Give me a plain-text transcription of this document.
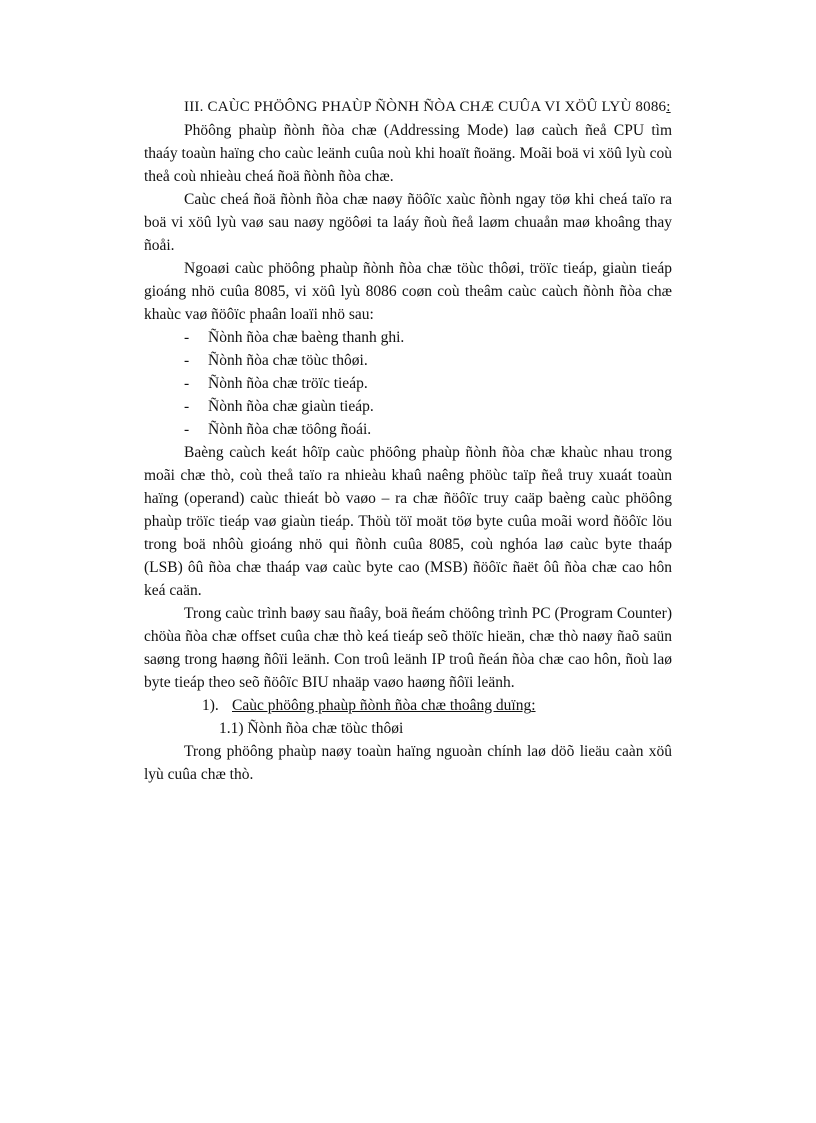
III. CAÙC PHÖÔNG PHAÙP ÑÒNH ÑÒA CHÆ CUÛA VI XÖÛ LYÙ 8086:

Phöông phaùp ñònh ñòa chæ (Addressing Mode) laø caùch ñeå CPU tìm thaáy toaùn haïng cho caùc leänh cuûa noù khi hoaït ñoäng. Moãi boä vi xöû lyù coù theå coù nhieàu cheá ñoä ñònh ñòa chæ.

Caùc cheá ñoä ñònh ñòa chæ naøy ñöôïc xaùc ñònh ngay töø khi cheá taïo ra boä vi xöû lyù vaø sau naøy ngöôøi ta laáy ñoù ñeå laøm chuaån maø khoâng thay ñoåi.

Ngoaøi caùc phöông phaùp ñònh ñòa chæ töùc thôøi, tröïc tieáp, giaùn tieáp gioáng nhö cuûa 8085, vi xöû lyù 8086 coøn coù theâm caùc caùch ñònh ñòa chæ khaùc vaø ñöôïc phaân loaïi nhö sau:

-	Ñònh ñòa chæ baèng thanh ghi.
-	Ñònh ñòa chæ töùc thôøi.
-	Ñònh ñòa chæ tröïc tieáp.
-	Ñònh ñòa chæ giaùn tieáp.
-	Ñònh ñòa chæ töông ñoái.

Baèng caùch keát hôïp caùc phöông phaùp ñònh ñòa chæ khaùc nhau trong moãi chæ thò, coù theå taïo ra nhieàu khaû naêng phöùc taïp ñeå truy xuaát toaùn haïng (operand) caùc thieát bò vaøo – ra chæ ñöôïc truy caäp baèng caùc phöông phaùp tröïc tieáp vaø giaùn tieáp. Thöù töï moät töø byte cuûa moãi word ñöôïc löu trong boä nhôù gioáng nhö qui ñònh cuûa 8085, coù nghóa laø caùc byte thaáp (LSB) ôû ñòa chæ thaáp vaø caùc byte cao (MSB) ñöôïc ñaët ôû ñòa chæ cao hôn keá caän.

Trong caùc trình baøy sau ñaây, boä ñeám chöông trình PC (Program Counter) chöùa ñòa chæ offset cuûa chæ thò keá tieáp seõ thöïc hieän, chæ thò naøy ñaõ saün saøng trong haøng ñôïi leänh. Con troû leänh IP troû ñeán ñòa chæ cao hôn, ñoù laø byte tieáp theo seõ ñöôïc BIU nhaäp vaøo haøng ñôïi leänh.

1). Caùc phöông phaùp ñònh ñòa chæ thoâng duïng:
1.1) Ñònh ñòa chæ töùc thôøi

Trong phöông phaùp naøy toaùn haïng nguoàn chính laø döõ lieäu caàn xöû lyù cuûa chæ thò.
